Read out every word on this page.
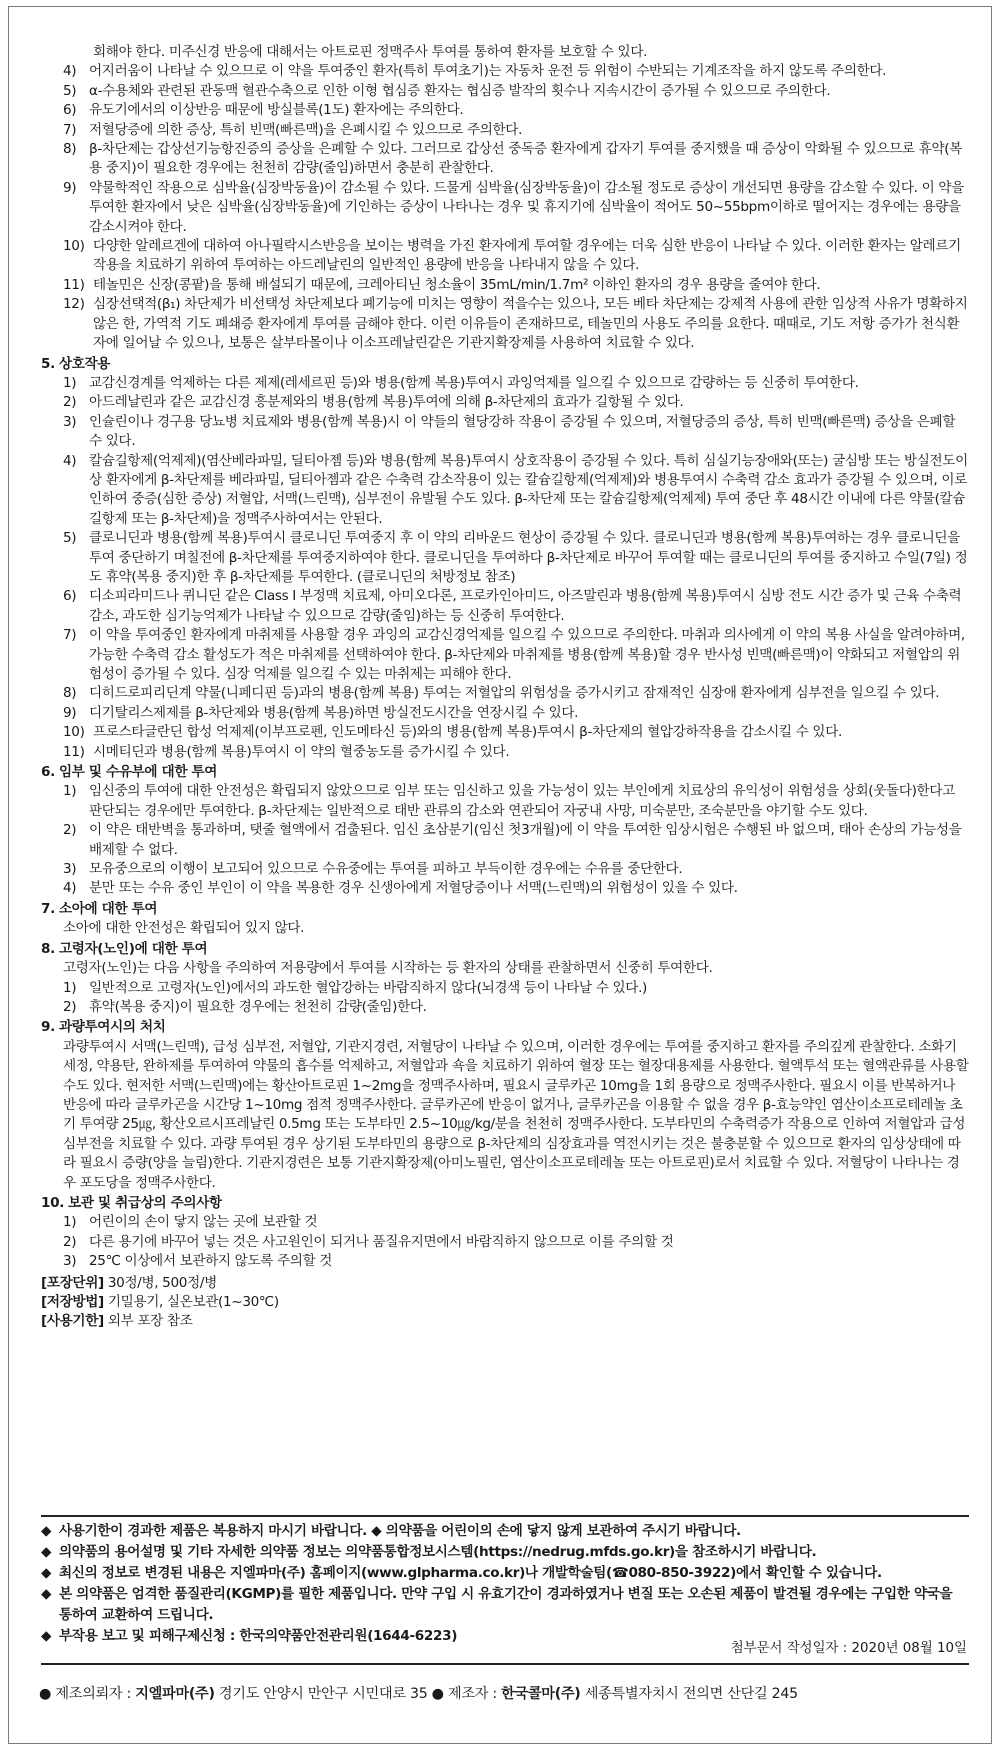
회해야 한다. 미주신경 반응에 대해서는 아트로핀 정맥주사 투여를 통하여 환자를 보호할 수 있다.
4) 어지러움이 나타날 수 있으므로 이 약을 투여중인 환자(특히 투여초기)는 자동차 운전 등 위험이 수반되는 기계조작을 하지 않도록 주의한다.
5) α-수용체와 관련된 관동맥 혈관수축으로 인한 이형 협심증 환자는 협심증 발작의 횟수나 지속시간이 증가될 수 있으므로 주의한다.
6) 유도기에서의 이상반응 때문에 방실블록(1도) 환자에는 주의한다.
7) 저혈당증에 의한 증상, 특히 빈맥(빠른맥)을 은폐시킬 수 있으므로 주의한다.
8) β-차단제는 갑상선기능항진증의 증상을 은폐할 수 있다. 그러므로 갑상선 중독증 환자에게 갑자기 투여를 중지했을 때 증상이 악화될 수 있으므로 휴약(복용 중지)이 필요한 경우에는 천천히 감량(줄임)하면서 충분히 관찰한다.
9) 약물학적인 작용으로 심박율(심장박동율)이 감소될 수 있다. 드물게 심박율(심장박동율)이 감소될 정도로 증상이 개선되면 용량을 감소할 수 있다. 이 약을 투여한 환자에서 낮은 심박율(심장박동율)에 기인하는 증상이 나타나는 경우 및 휴지기에 심박율이 적어도 50~55bpm이하로 떨어지는 경우에는 용량을 감소시켜야 한다.
10) 다양한 알레르겐에 대하여 아나필락시스반응을 보이는 병력을 가진 환자에게 투여할 경우에는 더욱 심한 반응이 나타날 수 있다. 이러한 환자는 알레르기 작용을 치료하기 위하여 투여하는 아드레날린의 일반적인 용량에 반응을 나타내지 않을 수 있다.
11) 테놀민은 신장(콩팥)을 통해 배설되기 때문에, 크레아티닌 청소율이 35mL/min/1.7m² 이하인 환자의 경우 용량을 줄여야 한다.
12) 심장선택적(β₁) 차단제가 비선택성 차단제보다 폐기능에 미치는 영향이 적을수는 있으나, 모든 베타 차단제는 강제적 사용에 관한 임상적 사유가 명확하지 않은 한, 가역적 기도 폐쇄증 환자에게 투여를 금해야 한다. 이런 이유들이 존재하므로, 테놀민의 사용도 주의를 요한다. 때때로, 기도 저항 증가가 천식환자에 일어날 수 있으나, 보통은 살부타몰이나 이소프레날린같은 기관지확장제를 사용하여 치료할 수 있다.
5. 상호작용
1) 교감신경계를 억제하는 다른 제제(레세르핀 등)와 병용(함께 복용)투여시 과잉억제를 일으킬 수 있으므로 감량하는 등 신중히 투여한다.
2) 아드레날린과 같은 교감신경 흥분제와의 병용(함께 복용)투여에 의해 β-차단제의 효과가 길항될 수 있다.
3) 인슐린이나 경구용 당뇨병 치료제와 병용(함께 복용)시 이 약들의 혈당강하 작용이 증강될 수 있으며, 저혈당증의 증상, 특히 빈맥(빠른맥) 증상을 은폐할 수 있다.
4) 칼슘길항제(억제제)(염산베라파밀, 딜티아젬 등)와 병용(함께 복용)투여시 상호작용이 증강될 수 있다. 특히 심실기능장애와(또는) 굴심방 또는 방실전도이상 환자에게 β-차단제를 베라파밀, 딜티아젬과 같은 수축력 감소작용이 있는 칼슘길항제(억제제)와 병용투여시 수축력 감소 효과가 증강될 수 있으며, 이로 인하여 중증(심한 증상) 저혈압, 서맥(느린맥), 심부전이 유발될 수도 있다. β-차단제 또는 칼슘길항제(억제제) 투여 중단 후 48시간 이내에 다른 약물(칼슘길항제 또는 β-차단제)을 정맥주사하여서는 안된다.
5) 클로니딘과 병용(함께 복용)투여시 클로니딘 투여중지 후 이 약의 리바운드 현상이 증강될 수 있다. 클로니딘과 병용(함께 복용)투여하는 경우 클로니딘을 투여 중단하기 며칠전에 β-차단제를 투여중지하여야 한다. 클로니딘을 투여하다 β-차단제로 바꾸어 투여할 때는 클로니딘의 투여를 중지하고 수일(7일) 정도 휴약(복용 중지)한 후 β-차단제를 투여한다. (클로니딘의 처방정보 참조)
6) 디소피라미드나 퀴니딘 같은 Class Ⅰ 부정맥 치료제, 아미오다론, 프로카인아미드, 아즈말린과 병용(함께 복용)투여시 심방 전도 시간 증가 및 근육 수축력 감소, 과도한 심기능억제가 나타날 수 있으므로 감량(줄임)하는 등 신중히 투여한다.
7) 이 약을 투여중인 환자에게 마취제를 사용할 경우 과잉의 교감신경억제를 일으킬 수 있으므로 주의한다. 마취과 의사에게 이 약의 복용 사실을 알려야하며, 가능한 수축력 감소 활성도가 적은 마취제를 선택하여야 한다. β-차단제와 마취제를 병용(함께 복용)할 경우 반사성 빈맥(빠른맥)이 약화되고 저혈압의 위험성이 증가될 수 있다. 심장 억제를 일으킬 수 있는 마취제는 피해야 한다.
8) 디히드로피리딘계 약물(니페디핀 등)과의 병용(함께 복용) 투여는 저혈압의 위험성을 증가시키고 잠재적인 심장애 환자에게 심부전을 일으킬 수 있다.
9) 디기탈리스제제를 β-차단제와 병용(함께 복용)하면 방실전도시간을 연장시킬 수 있다.
10) 프로스타글란딘 합성 억제제(이부프로펜, 인도메타신 등)와의 병용(함께 복용)투여시 β-차단제의 혈압강하작용을 감소시킬 수 있다.
11) 시메티딘과 병용(함께 복용)투여시 이 약의 혈중농도를 증가시킬 수 있다.
6. 임부 및 수유부에 대한 투여
1) 임신중의 투여에 대한 안전성은 확립되지 않았으므로 임부 또는 임신하고 있을 가능성이 있는 부인에게 치료상의 유익성이 위험성을 상회(웃돌다)한다고 판단되는 경우에만 투여한다. β-차단제는 일반적으로 태반 관류의 감소와 연관되어 자궁내 사망, 미숙분만, 조숙분만을 야기할 수도 있다.
2) 이 약은 태반벽을 통과하며, 탯줄 혈액에서 검출된다. 임신 초삼분기(임신 첫3개월)에 이 약을 투여한 임상시험은 수행된 바 없으며, 태아 손상의 가능성을 배제할 수 없다.
3) 모유중으로의 이행이 보고되어 있으므로 수유중에는 투여를 피하고 부득이한 경우에는 수유를 중단한다.
4) 분만 또는 수유 중인 부인이 이 약을 복용한 경우 신생아에게 저혈당증이나 서맥(느린맥)의 위험성이 있을 수 있다.
7. 소아에 대한 투여
소아에 대한 안전성은 확립되어 있지 않다.
8. 고령자(노인)에 대한 투여
고령자(노인)는 다음 사항을 주의하여 저용량에서 투여를 시작하는 등 환자의 상태를 관찰하면서 신중히 투여한다.
1) 일반적으로 고령자(노인)에서의 과도한 혈압강하는 바람직하지 않다(뇌경색 등이 나타날 수 있다.)
2) 휴약(복용 중지)이 필요한 경우에는 천천히 감량(줄임)한다.
9. 과량투여시의 처치
과량투여시 서맥(느린맥), 급성 심부전, 저혈압, 기관지경련, 저혈당이 나타날 수 있으며, 이러한 경우에는 투여를 중지하고 환자를 주의깊게 관찰한다. 소화기 세정, 약용탄, 완하제를 투여하여 약물의 흡수를 억제하고, 저혈압과 쇽을 치료하기 위하여 혈장 또는 혈장대용제를 사용한다. 혈액투석 또는 혈액관류를 사용할 수도 있다. 현저한 서맥(느린맥)에는 황산아트로핀 1~2mg을 정맥주사하며, 필요시 글루카곤 10mg을 1회 용량으로 정맥주사한다. 필요시 이를 반복하거나 반응에 따라 글루카곤을 시간당 1~10mg 점적 정맥주사한다. 글루카곤에 반응이 없거나, 글루카곤을 이용할 수 없을 경우 β-효능약인 염산이소프로테레놀 초기 투여량 25㎍, 황산오르시프레날린 0.5mg 또는 도부타민 2.5~10㎍/kg/분을 천천히 정맥주사한다. 도부타민의 수축력증가 작용으로 인하여 저혈압과 급성 심부전을 치료할 수 있다. 과량 투여된 경우 상기된 도부타민의 용량으로 β-차단제의 심장효과를 역전시키는 것은 불충분할 수 있으므로 환자의 임상상태에 따라 필요시 증량(양을 늘림)한다. 기관지경련은 보통 기관지확장제(아미노필린, 염산이소프로테레놀 또는 아트로핀)로서 치료할 수 있다. 저혈당이 나타나는 경우 포도당을 정맥주사한다.
10. 보관 및 취급상의 주의사항
1) 어린이의 손이 닿지 않는 곳에 보관할 것
2) 다른 용기에 바꾸어 넣는 것은 사고원인이 되거나 품질유지면에서 바람직하지 않으므로 이를 주의할 것
3) 25℃ 이상에서 보관하지 않도록 주의할 것
[포장단위] 30정/병, 500정/병
[저장방법] 기밀용기, 실온보관(1~30℃)
[사용기한] 외부 포장 참조
◆ 사용기한이 경과한 제품은 복용하지 마시기 바랍니다. ◆ 의약품을 어린이의 손에 닿지 않게 보관하여 주시기 바랍니다.
◆ 의약품의 용어설명 및 기타 자세한 의약품 정보는 의약품통합정보시스템(https://nedrug.mfds.go.kr)을 참조하시기 바랍니다.
◆ 최신의 정보로 변경된 내용은 지엘파마(주) 홈페이지(www.glpharma.co.kr)나 개발학술팀(☎080-850-3922)에서 확인할 수 있습니다.
◆ 본 의약품은 엄격한 품질관리(KGMP)를 필한 제품입니다. 만약 구입 시 유효기간이 경과하였거나 변질 또는 오손된 제품이 발견될 경우에는 구입한 약국을 통하여 교환하여 드립니다.
◆ 부작용 보고 및 피해구제신청 : 한국의약품안전관리원(1644-6223)
첨부문서 작성일자 : 2020년 08월 10일
● 제조의뢰자 : 지엘파마(주) 경기도 안양시 만안구 시민대로 35 ● 제조자 : 한국콜마(주) 세종특별자치시 전의면 산단길 245
